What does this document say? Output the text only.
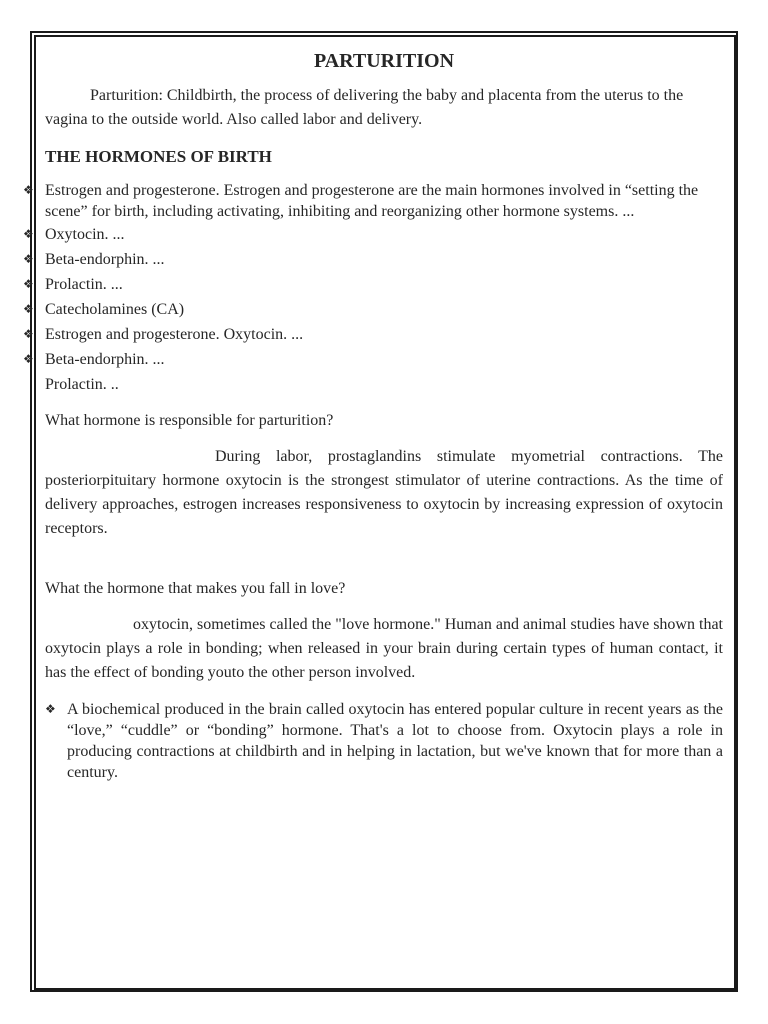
PARTURITION

Parturition: Childbirth, the process of delivering the baby and placenta from the uterus to the vagina to the outside world. Also called labor and delivery.

THE HORMONES OF BIRTH
❖ Estrogen and progesterone. Estrogen and progesterone are the main hormones involved in “setting the scene” for birth, including activating, inhibiting and reorganizing other hormone systems. ...
❖ Oxytocin. ...
❖ Beta-endorphin. ...
❖ Prolactin. ...
❖ Catecholamines (CA)
❖ Estrogen and progesterone. Oxytocin. ...
❖ Beta-endorphin. ...
Prolactin. ..

What hormone is responsible for parturition?

During labor, prostaglandins stimulate myometrial contractions. The posteriorpituitary hormone oxytocin is the strongest stimulator of uterine contractions. As the time of delivery approaches, estrogen increases responsiveness to oxytocin by increasing expression of oxytocin receptors.

What the hormone that makes you fall in love?

oxytocin, sometimes called the "love hormone." Human and animal studies have shown that oxytocin plays a role in bonding; when released in your brain during certain types of human contact, it has the effect of bonding youto the other person involved.

❖ A biochemical produced in the brain called oxytocin has entered popular culture in recent years as the “love,” “cuddle” or “bonding” hormone. That's a lot to choose from. Oxytocin plays a role in producing contractions at childbirth and in helping in lactation, but we've known that for more than a century.
